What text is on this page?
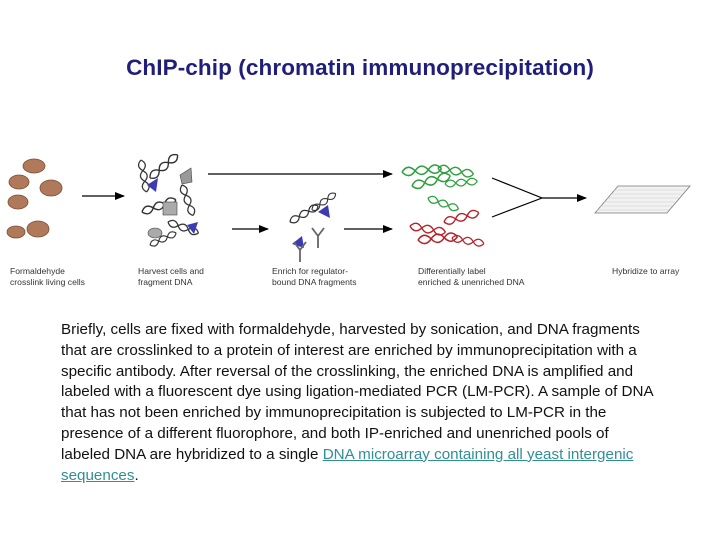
ChIP-chip (chromatin immunoprecipitation)
Formaldehyde
crosslink living cells
Harvest cells and
fragment DNA
Enrich for regulator-
bound DNA fragments
Differentially label
enriched & unenriched DNA
Hybridize to array
Briefly, cells are fixed with formaldehyde, harvested by sonication, and DNA fragments that are crosslinked to a protein of interest are enriched by immunoprecipitation with a specific antibody. After reversal of the crosslinking, the enriched DNA is amplified and labeled with a fluorescent dye using ligation-mediated PCR (LM-PCR). A sample of DNA that has not been enriched by immunoprecipitation is subjected to LM-PCR in the presence of a different fluorophore, and both IP-enriched and unenriched pools of labeled DNA are hybridized to a single DNA microarray containing all yeast intergenic sequences.
